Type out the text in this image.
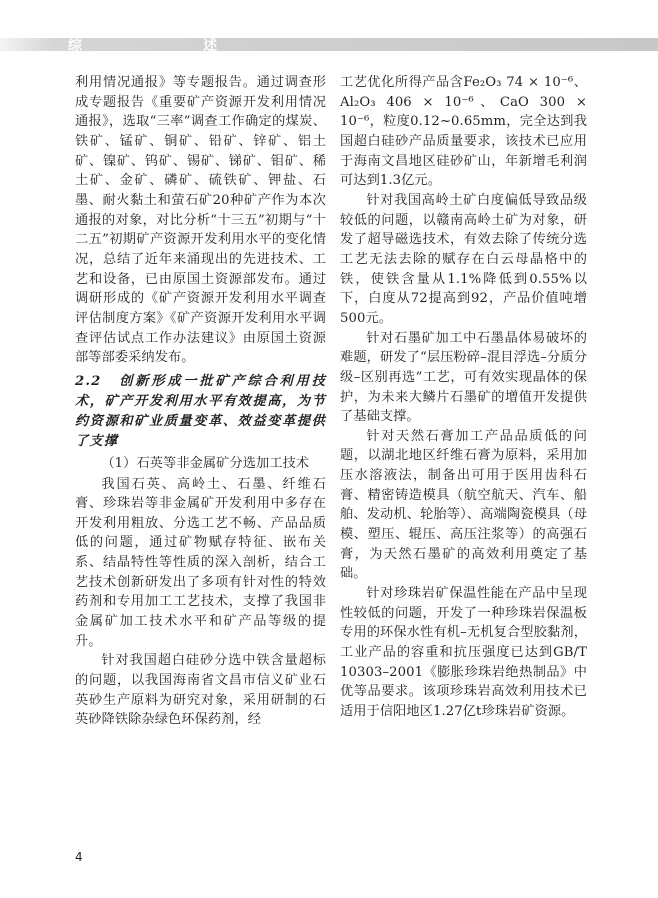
综	述

利用情况通报》等专题报告。通过调查形成专题报告《重要矿产资源开发利用情况通报》，选取“三率”调查工作确定的煤炭、铁矿、锰矿、铜矿、铅矿、锌矿、铝土矿、镍矿、钨矿、锡矿、锑矿、钼矿、稀土矿、金矿、磷矿、硫铁矿、钾盐、石墨、耐火黏土和萤石矿20种矿产作为本次通报的对象，对比分析“十三五”初期与“十二五”初期矿产资源开发利用水平的变化情况，总结了近年来涌现出的先进技术、工艺和设备，已由原国土资源部发布。通过调研形成的《矿产资源开发利用水平调查评估制度方案》《矿产资源开发利用水平调查评估试点工作办法建议》由原国土资源部等部委采纳发布。

2.2　创新形成一批矿产综合利用技术，矿产开发利用水平有效提高，为节约资源和矿业质量变革、效益变革提供了支撑

（1）石英等非金属矿分选加工技术

我国石英、高岭土、石墨、纤维石膏、珍珠岩等非金属矿开发利用中多存在开发利用粗放、分选工艺不畅、产品品质低的问题，通过矿物赋存特征、嵌布关系、结晶特性等性质的深入剖析，结合工艺技术创新研发出了多项有针对性的特效药剂和专用加工工艺技术，支撑了我国非金属矿加工技术水平和矿产品等级的提升。

针对我国超白硅砂分选中铁含量超标的问题，以我国海南省文昌市信义矿业石英砂生产原料为研究对象，采用研制的石英砂降铁除杂绿色环保药剂，经

工艺优化所得产品含Fe₂O₃ 74 × 10⁻⁶、Al₂O₃ 406 × 10⁻⁶、CaO 300 × 10⁻⁶，粒度0.12~0.65mm，完全达到我国超白硅砂产品质量要求，该技术已应用于海南文昌地区硅砂矿山，年新增毛利润可达到1.3亿元。

针对我国高岭土矿白度偏低导致品级较低的问题，以赣南高岭土矿为对象，研发了超导磁选技术，有效去除了传统分选工艺无法去除的赋存在白云母晶格中的铁，使铁含量从1.1%降低到0.55%以下，白度从72提高到92，产品价值吨增500元。

针对石墨矿加工中石墨晶体易破坏的难题，研发了“层压粉碎–混目浮选–分质分级–区别再选”工艺，可有效实现晶体的保护，为未来大鳞片石墨矿的增值开发提供了基础支撑。

针对天然石膏加工产品品质低的问题，以湖北地区纤维石膏为原料，采用加压水溶液法，制备出可用于医用齿科石膏、精密铸造模具（航空航天、汽车、船舶、发动机、轮胎等）、高端陶瓷模具（母模、塑压、辊压、高压注浆等）的高强石膏，为天然石墨矿的高效利用奠定了基础。

针对珍珠岩矿保温性能在产品中呈现性较低的问题，开发了一种珍珠岩保温板专用的环保水性有机–无机复合型胶黏剂，工业产品的容重和抗压强度已达到GB/T 10303–2001《膨胀珍珠岩绝热制品》中优等品要求。该项珍珠岩高效利用技术已适用于信阳地区1.27亿t珍珠岩矿资源。

4
